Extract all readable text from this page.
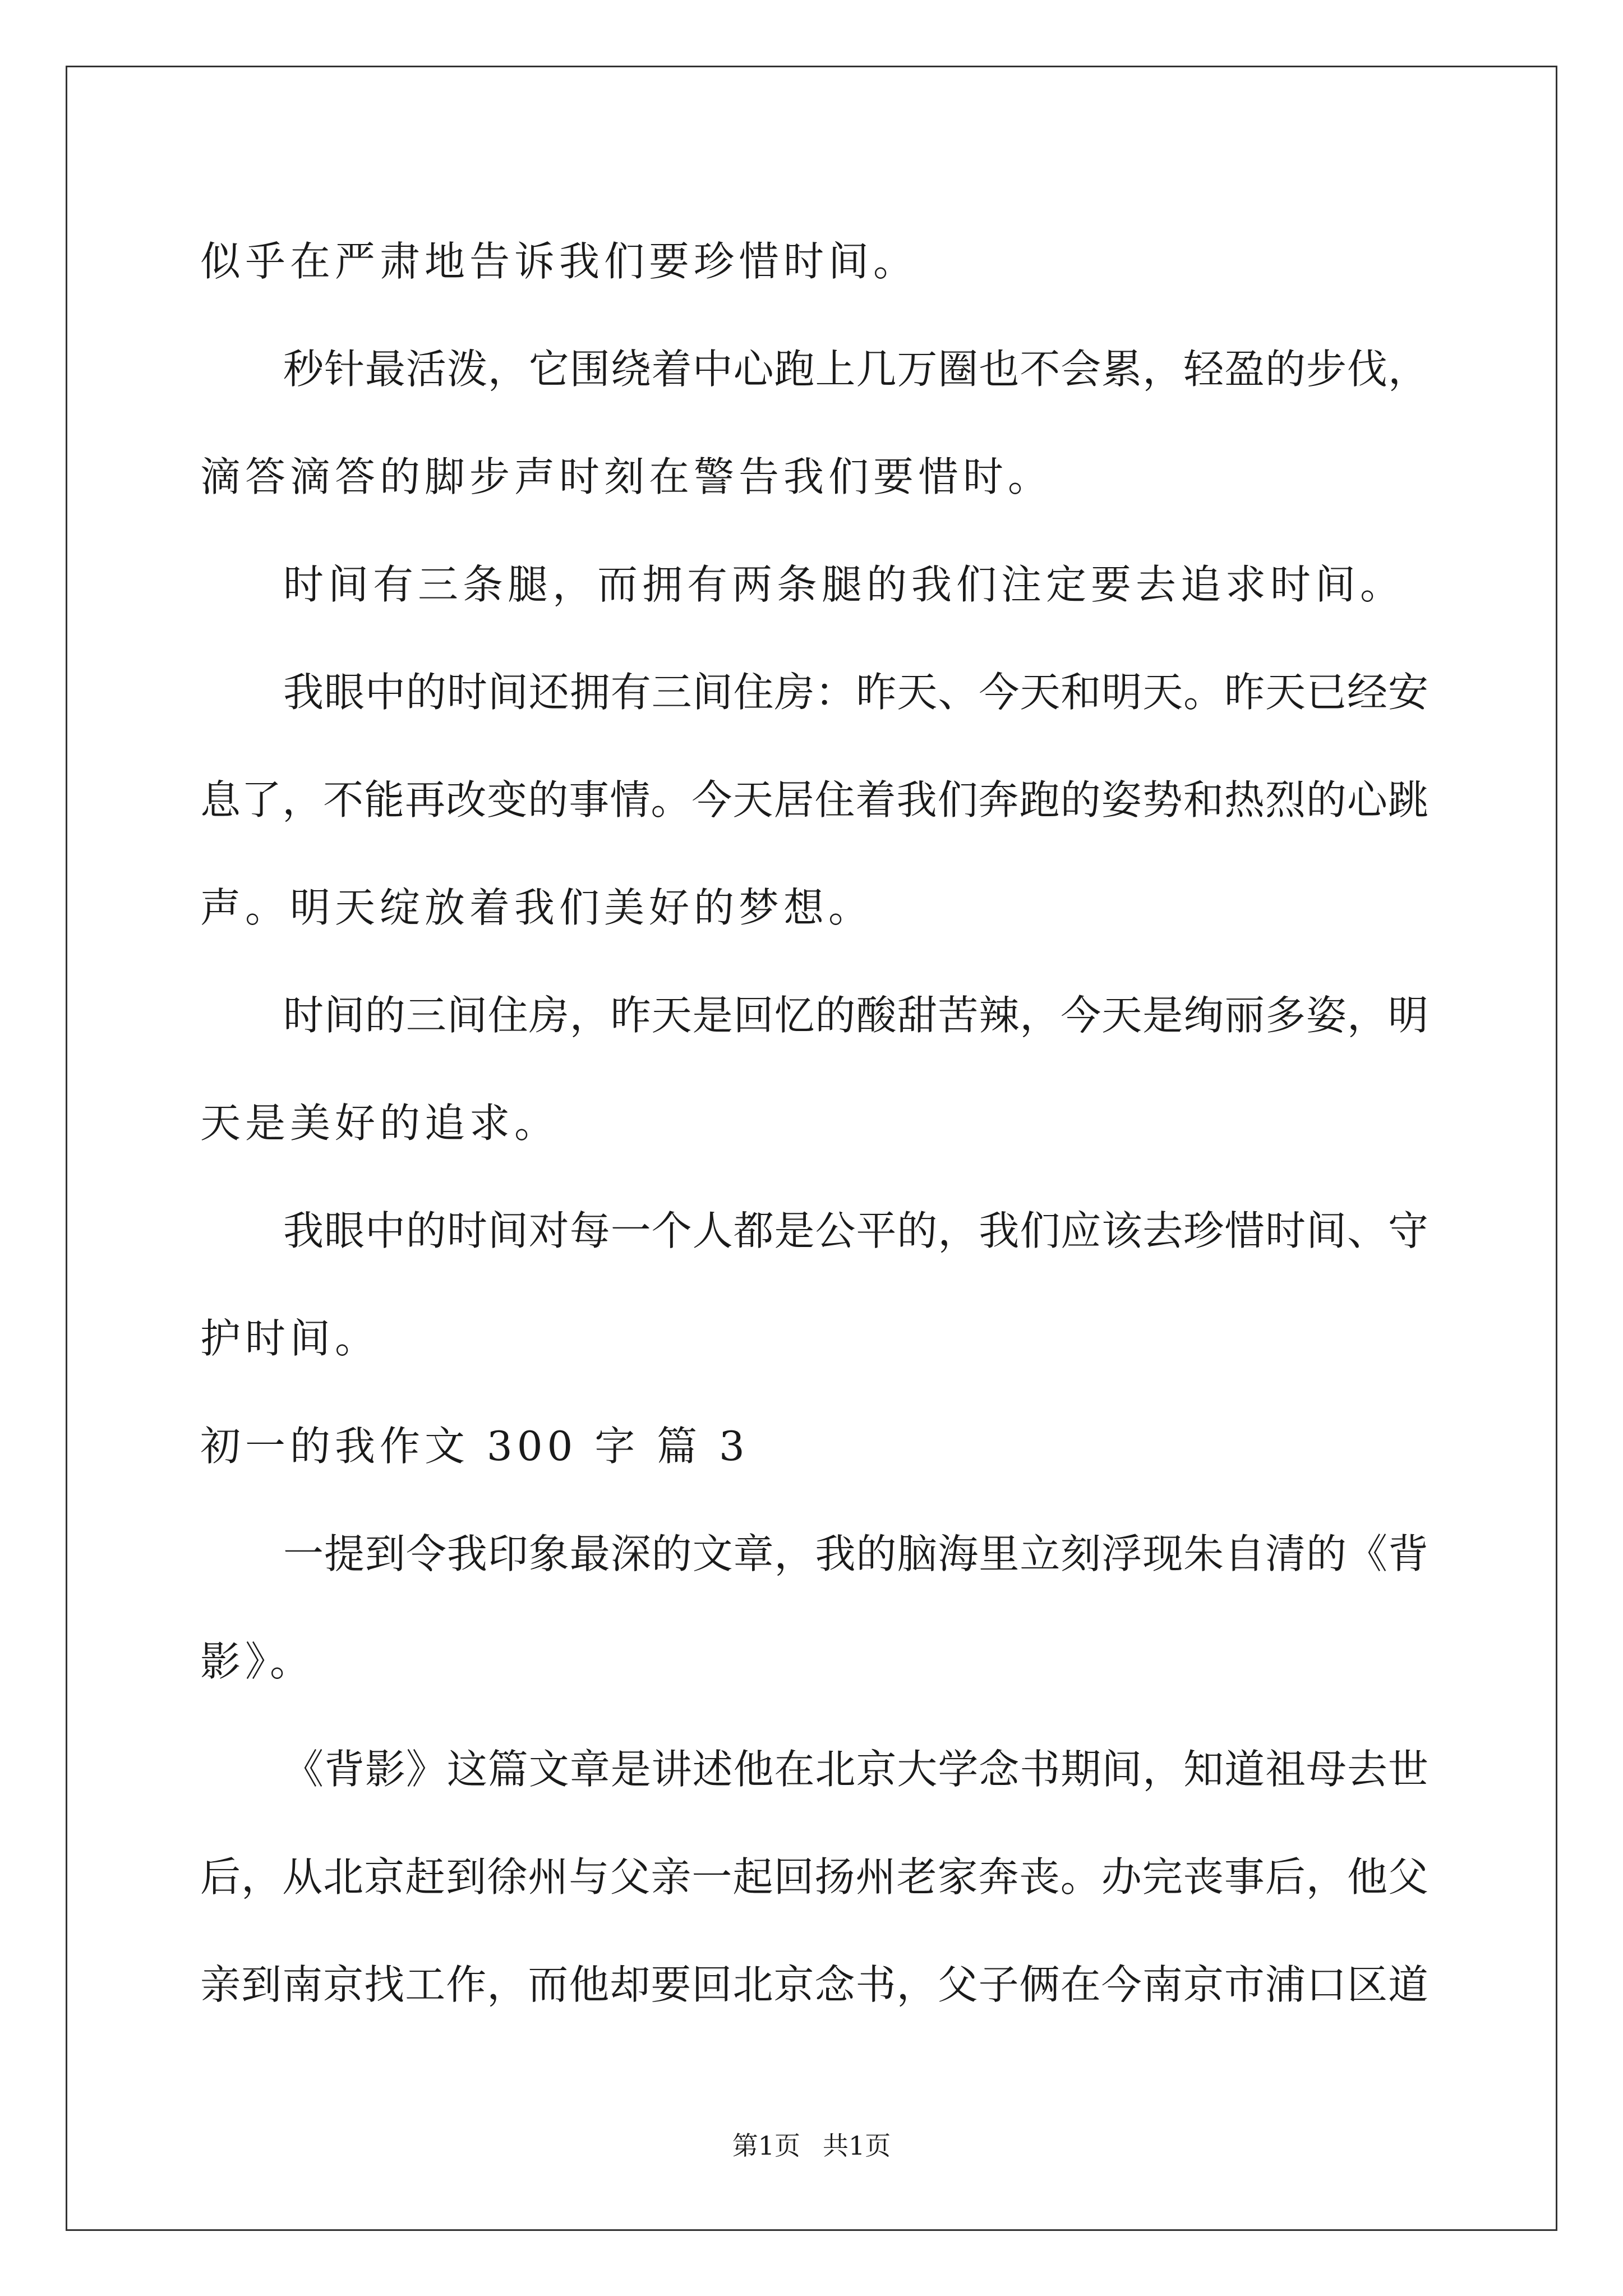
似乎在严肃地告诉我们要珍惜时间。
秒针最活泼，它围绕着中心跑上几万圈也不会累，轻盈的步伐，
滴答滴答的脚步声时刻在警告我们要惜时。
时间有三条腿，而拥有两条腿的我们注定要去追求时间。
我眼中的时间还拥有三间住房：昨天、今天和明天。昨天已经安
息了，不能再改变的事情。今天居住着我们奔跑的姿势和热烈的心跳
声。明天绽放着我们美好的梦想。
时间的三间住房，昨天是回忆的酸甜苦辣，今天是绚丽多姿，明
天是美好的追求。
我眼中的时间对每一个人都是公平的，我们应该去珍惜时间、守
护时间。
初一的我作文 300 字 篇 3
一提到令我印象最深的文章，我的脑海里立刻浮现朱自清的《背
影》。
《背影》这篇文章是讲述他在北京大学念书期间，知道祖母去世
后，从北京赶到徐州与父亲一起回扬州老家奔丧。办完丧事后，他父
亲到南京找工作，而他却要回北京念书，父子俩在今南京市浦口区道
第1页 共1页
